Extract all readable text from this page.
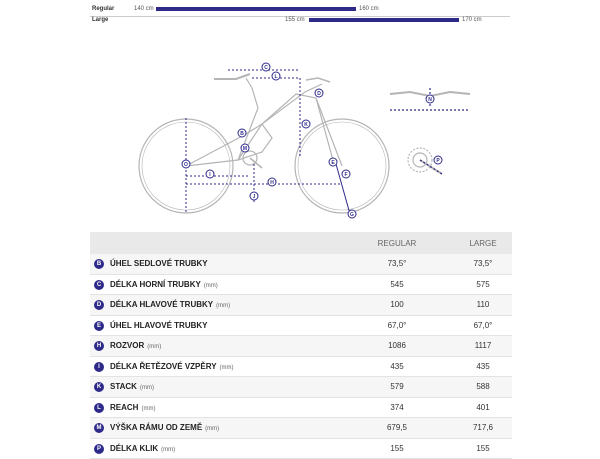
Regular	140 cm	160 cm
Large	155 cm	170 cm
C
L
B
D
E
K
O
I
H
F
G
M
J
N
P
REGULAR	LARGE
B	ÚHEL SEDLOVÉ TRUBKY	73,5°	73,5°
C	DÉLKA HORNÍ TRUBKY (mm)	545	575
D	DÉLKA HLAVOVÉ TRUBKY (mm)	100	110
E	ÚHEL HLAVOVÉ TRUBKY	67,0°	67,0°
H	ROZVOR (mm)	1086	1117
I	DÉLKA ŘETĚZOVÉ VZPĚRY (mm)	435	435
K	STACK (mm)	579	588
L	REACH (mm)	374	401
M	VÝŠKA RÁMU OD ZEMĚ (mm)	679,5	717,6
P	DÉLKA KLIK (mm)	155	155
